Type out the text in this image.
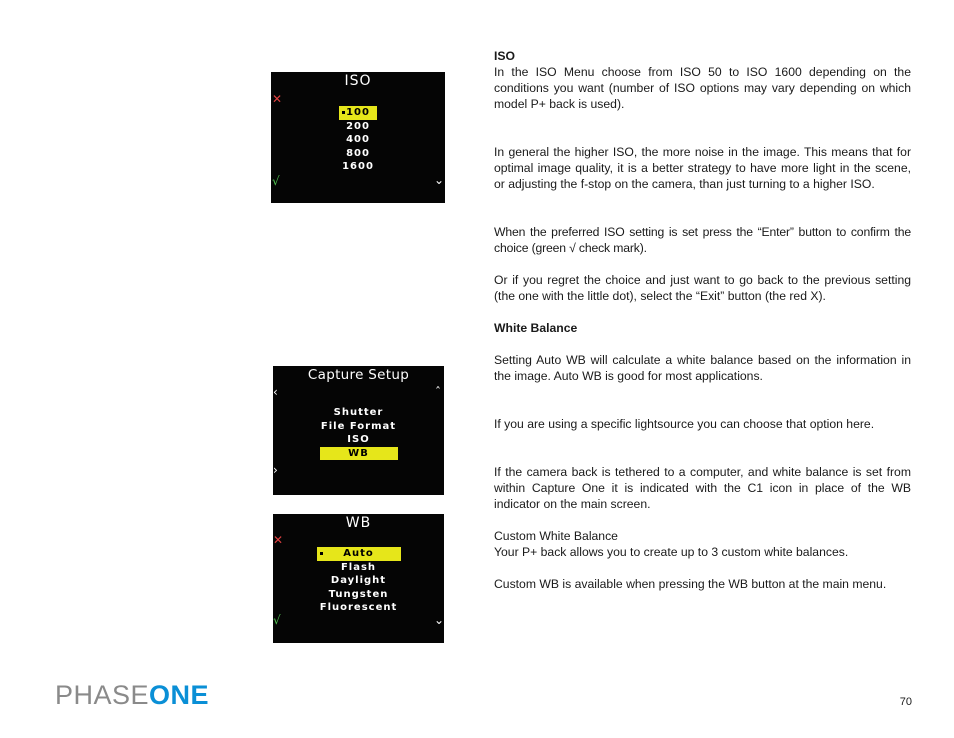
ISO

In the ISO Menu choose from ISO 50 to ISO 1600 depending on the conditions you want (number of ISO options may vary depending on which model P+ back is used).

In general the higher ISO, the more noise in the image. This means that for optimal image quality, it is a better strategy to have more light in the scene, or adjusting the f-stop on the camera, than just turning to a higher ISO.

When the preferred ISO setting is set press the “Enter” button to confirm the choice (green √ check mark).

Or if you regret the choice and just want to go back to the previous setting (the one with the little dot), select the “Exit” button (the red X).

White Balance

Setting Auto WB will calculate a white balance based on the information in the image. Auto WB is good for most applications.

If you are using a specific lightsource you can choose that option here.

If the camera back is tethered to a computer, and white balance is set from within Capture One it is indicated with the C1 icon in place of the WB indicator on the main screen.

Custom White Balance

Your P+ back allows you to create up to 3 custom white balances.

Custom WB is available when pressing the WB button at the main menu.

ISO
✕
√	⌄
100
200
400
800
1600
Capture Setup
‹	ˆ
›
Shutter
File Format
ISO
WB
WB
✕
√	⌄
Auto
Flash
Daylight
Tungsten
Fluorescent
PHASEONE	70
